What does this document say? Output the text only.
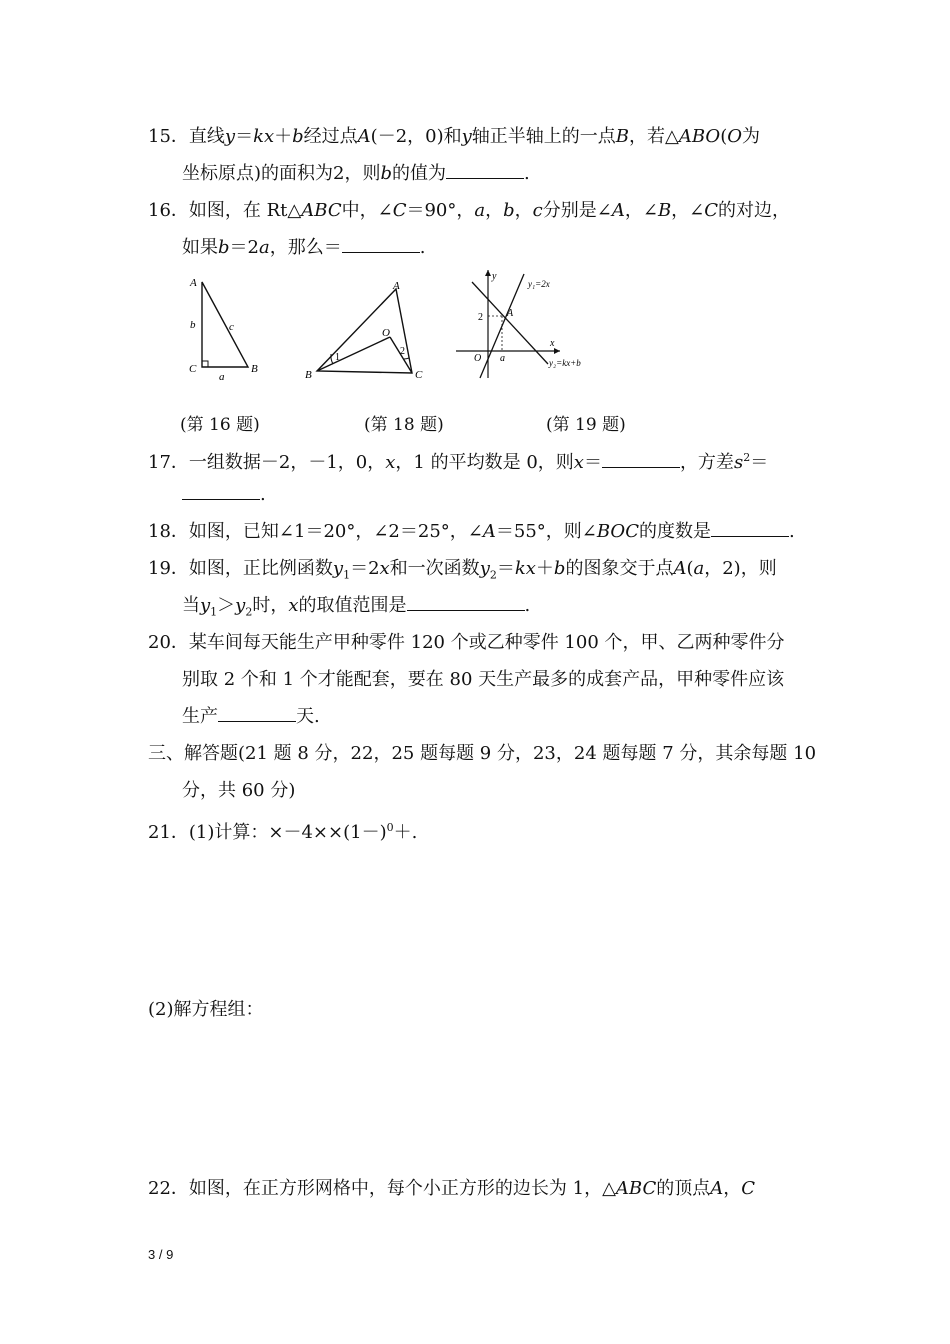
15．直线y＝kx＋b经过点A(－2，0)和y轴正半轴上的一点B，若△ABO(O为
坐标原点)的面积为2，则b的值为	.
16．如图，在 Rt△ABC中，∠C＝90°，a，b，c分别是∠A，∠B，∠C的对边，
如果b＝2a，那么＝	.
A
C	B
b	c
a
A
B	C
O
1
2
y
x
O
A
a
2
y₁=2x
y₂=kx+b
(第 16 题)	(第 18 题)	(第 19 题)
17．一组数据－2，－1，0，x，1 的平均数是 0，则x＝	，方差$s^2=$
.
18．如图，已知∠1＝20°，∠2＝25°，∠A＝55°，则∠BOC的度数是	.
19．如图，正比例函数$y_1=2x$和一次函数$y_2=kx+b$的图象交于点A(a，2)，则
当$y_1>y_2$时，x的取值范围是	.
20．某车间每天能生产甲种零件 120 个或乙种零件 100 个，甲、乙两种零件分
别取 2 个和 1 个才能配套，要在 80 天生产最多的成套产品，甲种零件应该
生产	天.
三、解答题(21 题 8 分，22，25 题每题 9 分，23，24 题每题 7 分，其余每题 10
分，共 60 分)
21．(1)计算：$\times-4\times\times(1-)^0+$.
(2)解方程组：
22．如图，在正方形网格中，每个小正方形的边长为 1，△ABC的顶点A，C
3 / 9
